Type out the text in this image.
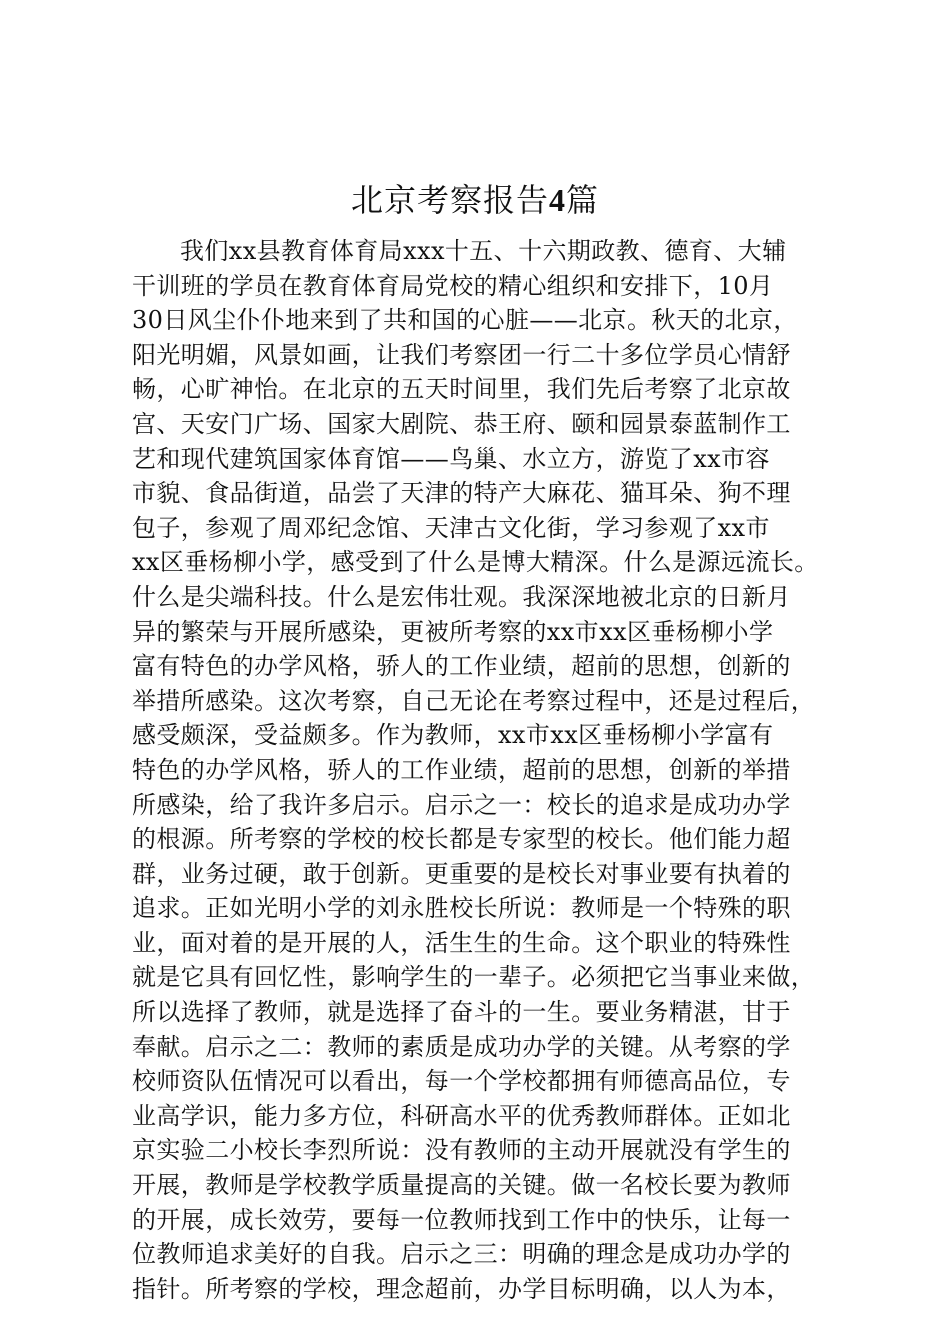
北京考察报告4篇
我们xx县教育体育局xxx十五、十六期政教、德育、大辅
干训班的学员在教育体育局党校的精心组织和安排下，10月
30日风尘仆仆地来到了共和国的心脏——北京。秋天的北京，
阳光明媚，风景如画，让我们考察团一行二十多位学员心情舒
畅，心旷神怡。在北京的五天时间里，我们先后考察了北京故
宫、天安门广场、国家大剧院、恭王府、颐和园景泰蓝制作工
艺和现代建筑国家体育馆——鸟巢、水立方，游览了xx市容
市貌、食品街道，品尝了天津的特产大麻花、猫耳朵、狗不理
包子，参观了周邓纪念馆、天津古文化街，学习参观了xx市
xx区垂杨柳小学，感受到了什么是博大精深。什么是源远流长。
什么是尖端科技。什么是宏伟壮观。我深深地被北京的日新月
异的繁荣与开展所感染，更被所考察的xx市xx区垂杨柳小学
富有特色的办学风格，骄人的工作业绩，超前的思想，创新的
举措所感染。这次考察，自己无论在考察过程中，还是过程后，
感受颇深，受益颇多。作为教师，xx市xx区垂杨柳小学富有
特色的办学风格，骄人的工作业绩，超前的思想，创新的举措
所感染，给了我许多启示。启示之一：校长的追求是成功办学
的根源。所考察的学校的校长都是专家型的校长。他们能力超
群，业务过硬，敢于创新。更重要的是校长对事业要有执着的
追求。正如光明小学的刘永胜校长所说：教师是一个特殊的职
业，面对着的是开展的人，活生生的生命。这个职业的特殊性
就是它具有回忆性，影响学生的一辈子。必须把它当事业来做，
所以选择了教师，就是选择了奋斗的一生。要业务精湛，甘于
奉献。启示之二：教师的素质是成功办学的关键。从考察的学
校师资队伍情况可以看出，每一个学校都拥有师德高品位，专
业高学识，能力多方位，科研高水平的优秀教师群体。正如北
京实验二小校长李烈所说：没有教师的主动开展就没有学生的
开展，教师是学校教学质量提高的关键。做一名校长要为教师
的开展，成长效劳，要每一位教师找到工作中的快乐，让每一
位教师追求美好的自我。启示之三：明确的理念是成功办学的
指针。所考察的学校，理念超前，办学目标明确，以人为本，
